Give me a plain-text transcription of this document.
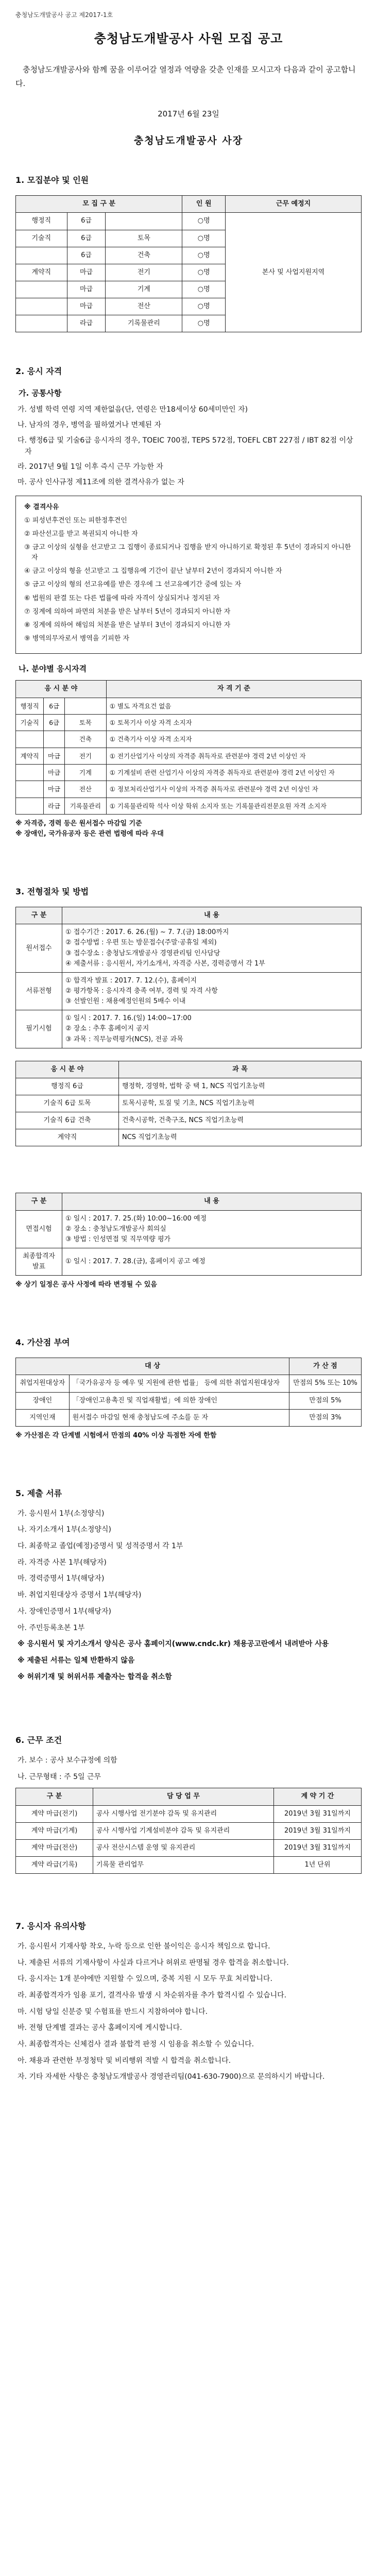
충청남도개발공사 공고 제2017-1호
충청남도개발공사 사원 모집 공고

충청남도개발공사와 함께 꿈을 이루어갈 열정과 역량을 갖춘 인재를 모시고자 다음과 같이 공고합니다.

2017년 6월 23일

충청남도개발공사 사장

1. 모집분야 및 인원
모 집 구 분			인 원	근무 예정지
행정직	6급		○명	본사 및 사업지원지역
기술직	6급	토목	○명	
	6급	건축	○명	
계약직	마급	전기	○명	
	마급	기계	○명	
	마급	전산	○명	
	라급	기록물관리	○명	
2. 응시 자격
가. 공통사항

가. 성별 학력 연령 지역 제한없음(단, 연령은 만18세이상 60세미만인 자)

나. 남자의 경우, 병역을 필하였거나 면제된 자

다. 행정6급 및 기술6급 응시자의 경우, TOEIC 700점, TEPS 572점, TOEFL CBT 227점 / IBT 82점 이상 자

라. 2017년 9월 1일 이후 즉시 근무 가능한 자

마. 공사 인사규정 제11조에 의한 결격사유가 없는 자

※ 결격사유

① 피성년후견인 또는 피한정후견인

② 파산선고를 받고 복권되지 아니한 자

③ 금고 이상의 실형을 선고받고 그 집행이 종료되거나 집행을 받지 아니하기로 확정된 후 5년이 경과되지 아니한 자

④ 금고 이상의 형을 선고받고 그 집행유예 기간이 끝난 날부터 2년이 경과되지 아니한 자

⑤ 금고 이상의 형의 선고유예를 받은 경우에 그 선고유예기간 중에 있는 자

⑥ 법원의 판결 또는 다른 법률에 따라 자격이 상실되거나 정지된 자

⑦ 징계에 의하여 파면의 처분을 받은 날부터 5년이 경과되지 아니한 자

⑧ 징계에 의하여 해임의 처분을 받은 날부터 3년이 경과되지 아니한 자

⑨ 병역의무자로서 병역을 기피한 자

나. 분야별 응시자격
응 시 분 야			자 격 기 준
행정직	6급		① 별도 자격요건 없음
기술직	6급	토목	① 토목기사 이상 자격 소지자
		건축	① 건축기사 이상 자격 소지자
계약직	마급	전기	① 전기산업기사 이상의 자격증 취득자로 관련분야 경력 2년 이상인 자
	마급	기계	① 기계설비 관련 산업기사 이상의 자격증 취득자로 관련분야 경력 2년 이상인 자
	마급	전산	① 정보처리산업기사 이상의 자격증 취득자로 관련분야 경력 2년 이상인 자
	라급	기록물관리	① 기록물관리학 석사 이상 학위 소지자 또는 기록물관리전문요원 자격 소지자

※ 자격증, 경력 등은 원서접수 마감일 기준

※ 장애인, 국가유공자 등은 관련 법령에 따라 우대

3. 전형절차 및 방법
구 분	내 용
원서접수	① 접수기간 : 2017. 6. 26.(월) ~ 7. 7.(금) 18:00까지
② 접수방법 : 우편 또는 방문접수(주말·공휴일 제외)
③ 접수장소 : 충청남도개발공사 경영관리팀 인사담당
④ 제출서류 : 응시원서, 자기소개서, 자격증 사본, 경력증명서 각 1부
서류전형	① 합격자 발표 : 2017. 7. 12.(수), 홈페이지
② 평가항목 : 응시자격 충족 여부, 경력 및 자격 사항
③ 선발인원 : 채용예정인원의 5배수 이내
필기시험	① 일시 : 2017. 7. 16.(일) 14:00~17:00
② 장소 : 추후 홈페이지 공지
③ 과목 : 직무능력평가(NCS), 전공 과목
응 시 분 야	과 목
행정직 6급	행정학, 경영학, 법학 중 택 1, NCS 직업기초능력
기술직 6급 토목	토목시공학, 토질 및 기초, NCS 직업기초능력
기술직 6급 건축	건축시공학, 건축구조, NCS 직업기초능력
계약직	NCS 직업기초능력
구 분	내 용
면접시험	① 일시 : 2017. 7. 25.(화) 10:00~16:00 예정
② 장소 : 충청남도개발공사 회의실
③ 방법 : 인성면접 및 직무역량 평가
최종합격자 발표	① 일시 : 2017. 7. 28.(금), 홈페이지 공고 예정

※ 상기 일정은 공사 사정에 따라 변경될 수 있음

4. 가산점 부여
대 상		가 산 점
취업지원대상자	「국가유공자 등 예우 및 지원에 관한 법률」 등에 의한 취업지원대상자	만점의 5% 또는 10%
장애인	「장애인고용촉진 및 직업재활법」에 의한 장애인	만점의 5%
지역인재	원서접수 마감일 현재 충청남도에 주소를 둔 자	만점의 3%

※ 가산점은 각 단계별 시험에서 만점의 40% 이상 득점한 자에 한함

5. 제출 서류

가. 응시원서 1부(소정양식)

나. 자기소개서 1부(소정양식)

다. 최종학교 졸업(예정)증명서 및 성적증명서 각 1부

라. 자격증 사본 1부(해당자)

마. 경력증명서 1부(해당자)

바. 취업지원대상자 증명서 1부(해당자)

사. 장애인증명서 1부(해당자)

아. 주민등록초본 1부

※ 응시원서 및 자기소개서 양식은 공사 홈페이지(www.cndc.kr) 채용공고란에서 내려받아 사용

※ 제출된 서류는 일체 반환하지 않음

※ 허위기재 및 허위서류 제출자는 합격을 취소함

6. 근무 조건

가. 보수 : 공사 보수규정에 의함

나. 근무형태 : 주 5일 근무

구 분	담 당 업 무	계 약 기 간
계약 마급(전기)	공사 시행사업 전기분야 감독 및 유지관리	2019년 3월 31일까지
계약 마급(기계)	공사 시행사업 기계설비분야 감독 및 유지관리	2019년 3월 31일까지
계약 마급(전산)	공사 전산시스템 운영 및 유지관리	2019년 3월 31일까지
계약 라급(기록)	기록물 관리업무	1년 단위
7. 응시자 유의사항

가. 응시원서 기재사항 착오, 누락 등으로 인한 불이익은 응시자 책임으로 합니다.

나. 제출된 서류의 기재사항이 사실과 다르거나 허위로 판명될 경우 합격을 취소합니다.

다. 응시자는 1개 분야에만 지원할 수 있으며, 중복 지원 시 모두 무효 처리합니다.

라. 최종합격자가 임용 포기, 결격사유 발생 시 차순위자를 추가 합격시킬 수 있습니다.

마. 시험 당일 신분증 및 수험표를 반드시 지참하여야 합니다.

바. 전형 단계별 결과는 공사 홈페이지에 게시합니다.

사. 최종합격자는 신체검사 결과 불합격 판정 시 임용을 취소할 수 있습니다.

아. 채용과 관련한 부정청탁 및 비리행위 적발 시 합격을 취소합니다.

자. 기타 자세한 사항은 충청남도개발공사 경영관리팀(041-630-7900)으로 문의하시기 바랍니다.
